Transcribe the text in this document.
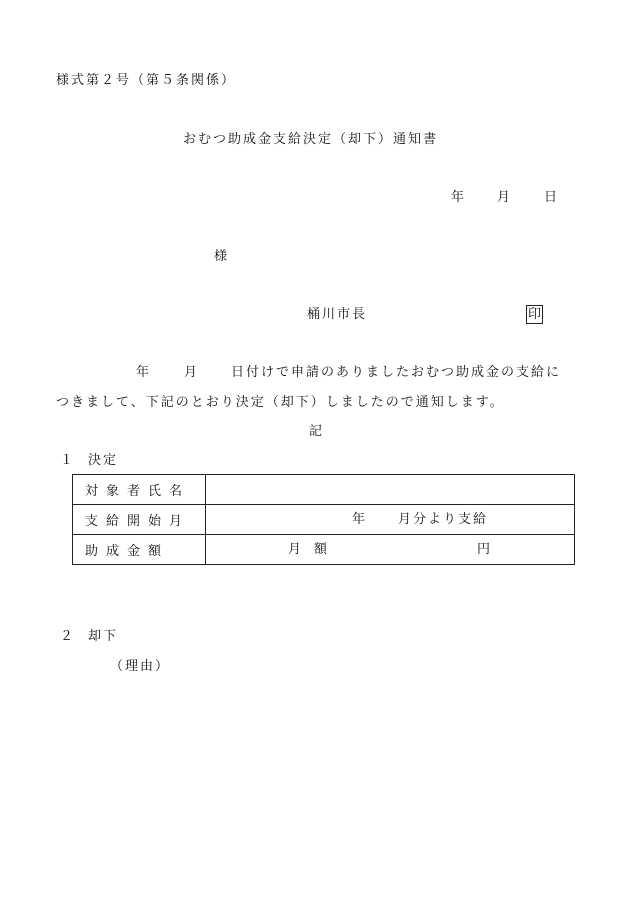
様式第２号（第５条関係）
おむつ助成金支給決定（却下）通知書
年	月	日
様
桶川市長	印
年	月	日付けで申請のありましたおむつ助成金の支給に
つきまして、下記のとおり決定（却下）しましたので通知します。
記
１ 決定
対象者氏名	
支給開始月	年 月分より支給

助成金額	月　額 円
２ 却下
（理由）
